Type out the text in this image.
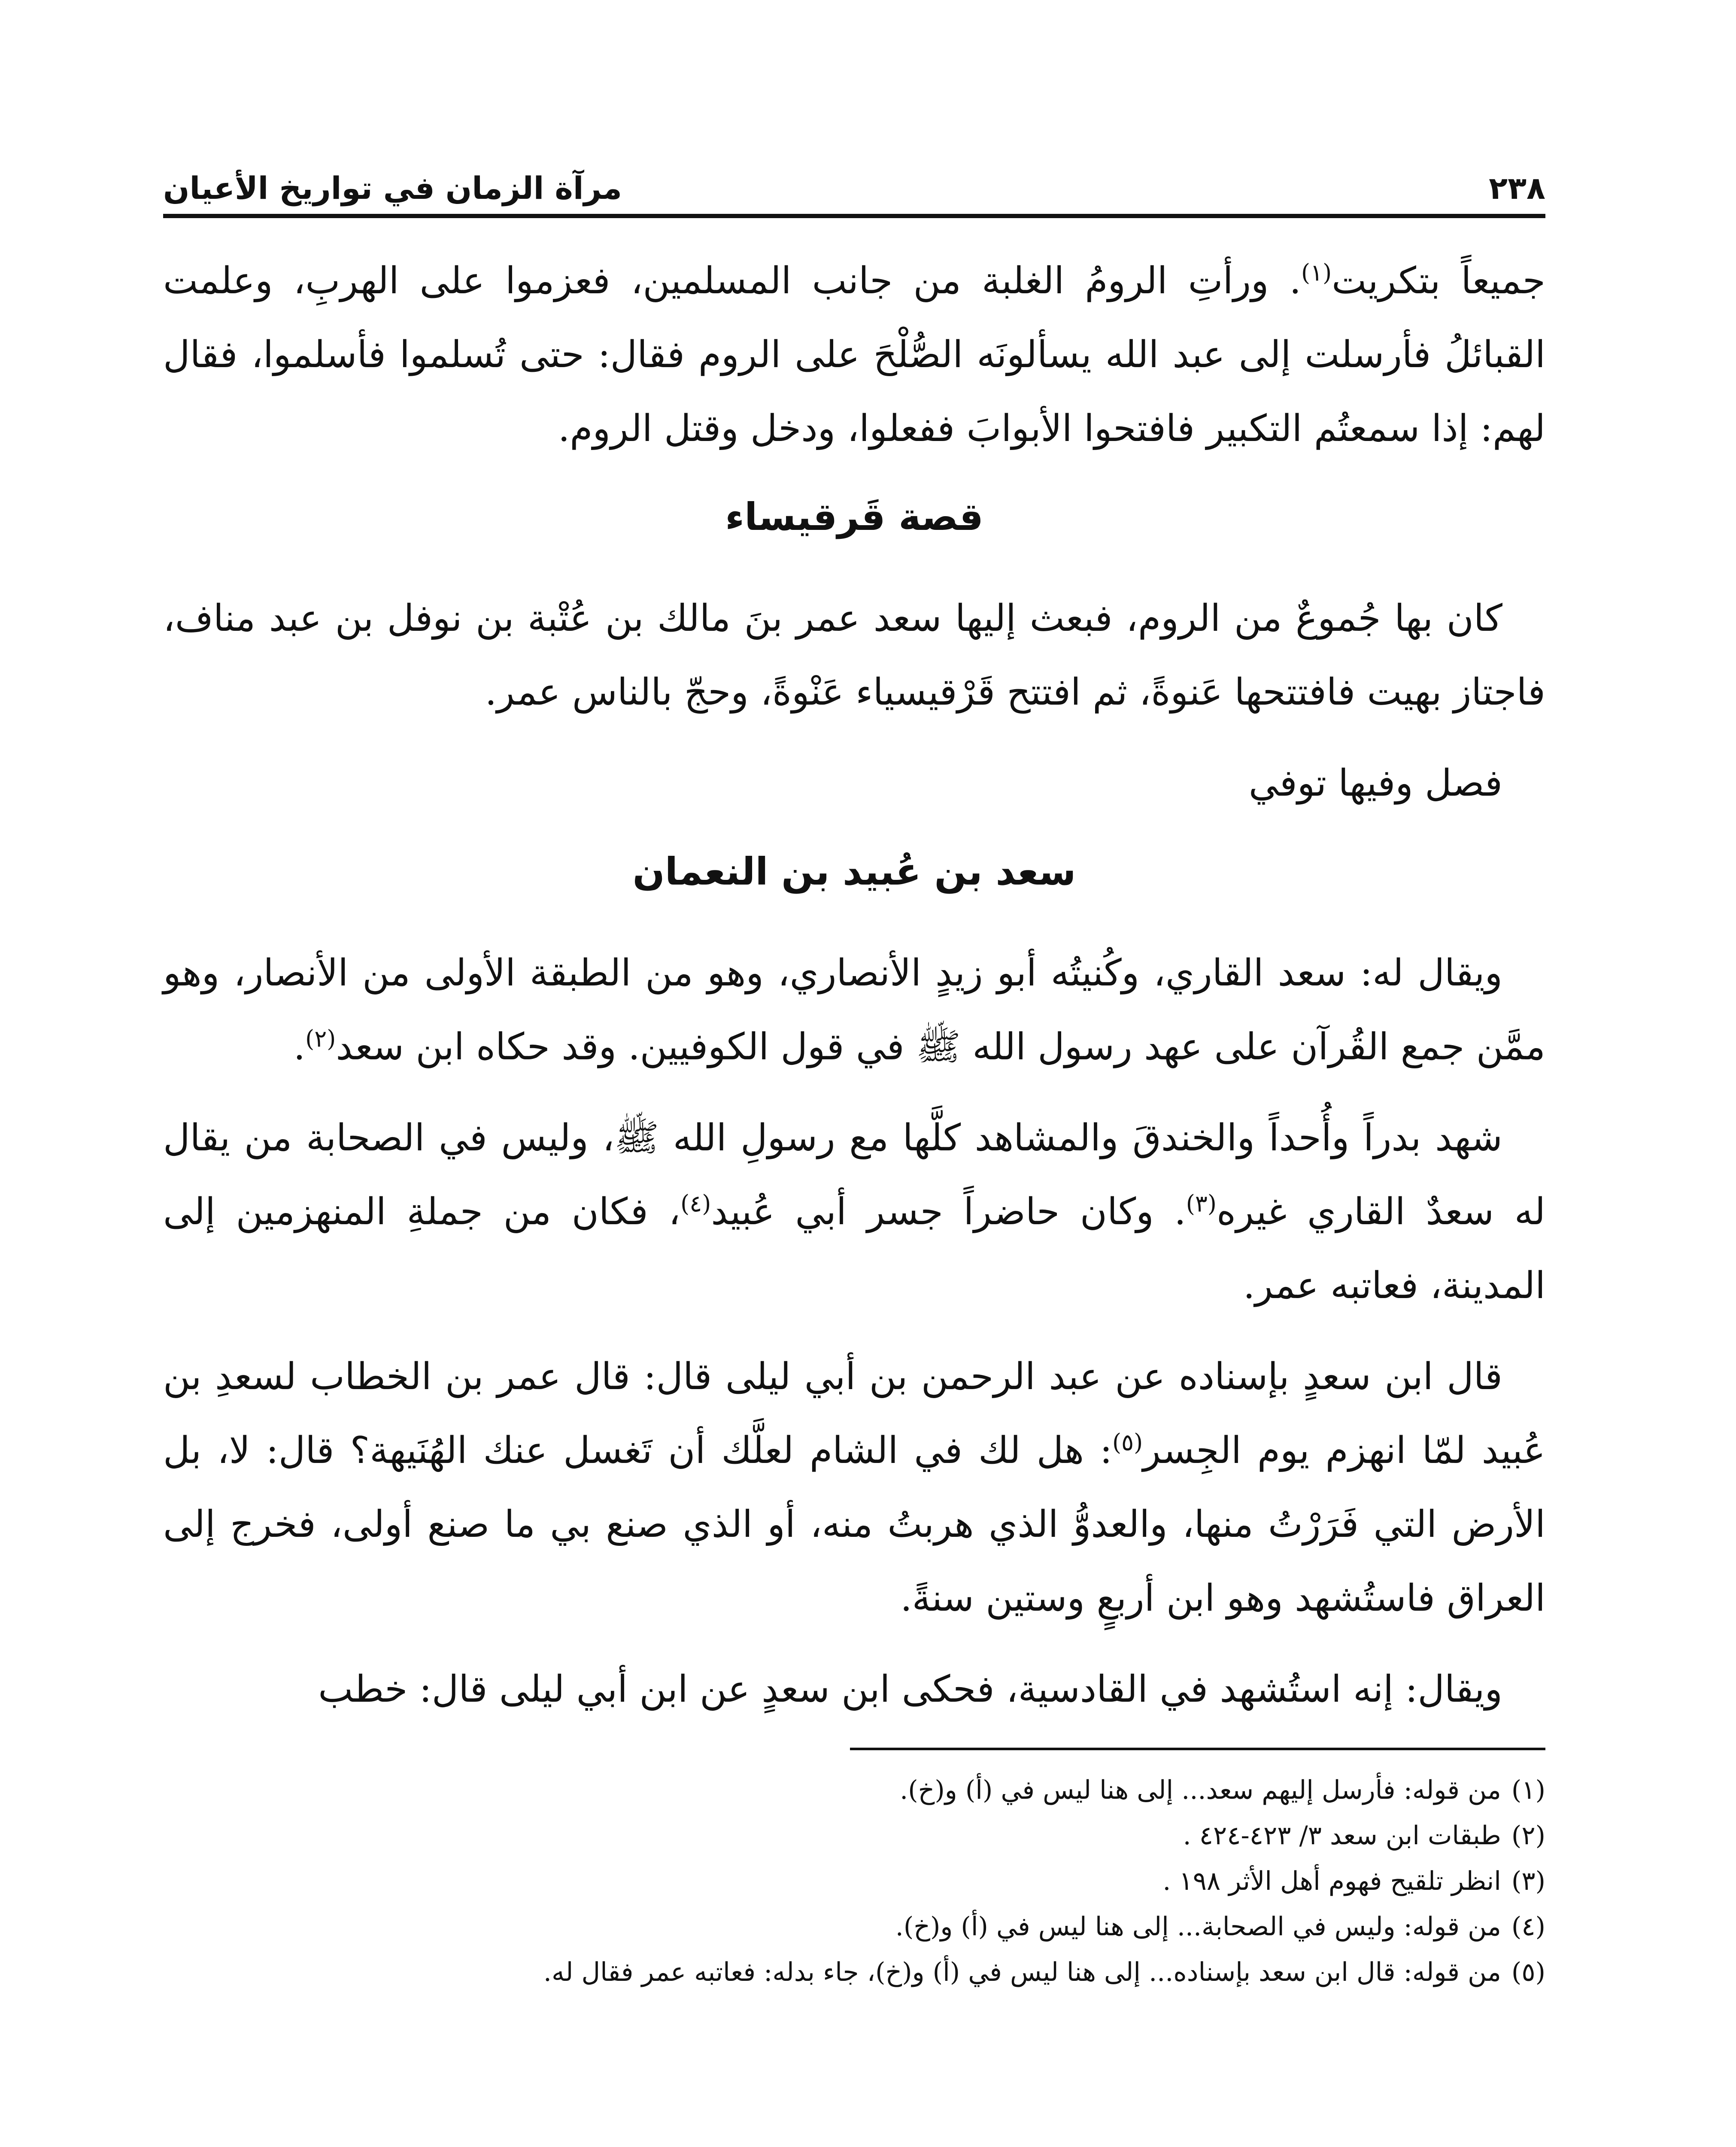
٢٣٨
مرآة الزمان في تواريخ الأعيان

جميعاً بتكريت$^{(١)}$. ورأتِ الرومُ الغلبة من جانب المسلمين، فعزموا على الهربِ، وعلمت القبائلُ فأرسلت إلى عبد الله يسألونَه الصُّلْحَ على الروم فقال: حتى تُسلموا فأسلموا، فقال لهم: إذا سمعتُم التكبير فافتحوا الأبوابَ ففعلوا، ودخل وقتل الروم.

قصة قَرقيساء

كان بها جُموعٌ من الروم، فبعث إليها سعد عمر بنَ مالك بن عُتْبة بن نوفل بن عبد مناف، فاجتاز بهيت فافتتحها عَنوةً، ثم افتتح قَرْقيسياء عَنْوةً، وحجّ بالناس عمر.

فصل وفيها توفي

سعد بن عُبيد بن النعمان

ويقال له: سعد القاري، وكُنيتُه أبو زيدٍ الأنصاري، وهو من الطبقة الأولى من الأنصار، وهو ممَّن جمع القُرآن على عهد رسول الله ﷺ في قول الكوفيين. وقد حكاه ابن سعد$^{(٢)}$.

شهد بدراً وأُحداً والخندقَ والمشاهد كلَّها مع رسولِ الله ﷺ، وليس في الصحابة من يقال له سعدٌ القاري غيره$^{(٣)}$. وكان حاضراً جسر أبي عُبيد$^{(٤)}$، فكان من جملةِ المنهزمين إلى المدينة، فعاتبه عمر.

قال ابن سعدٍ بإسناده عن عبد الرحمن بن أبي ليلى قال: قال عمر بن الخطاب لسعدِ بن عُبيد لمّا انهزم يوم الجِسر$^{(٥)}$: هل لك في الشام لعلَّك أن تَغسل عنك الهُنَيهة؟ قال: لا، بل الأرض التي فَرَرْتُ منها، والعدوُّ الذي هربتُ منه، أو الذي صنع بي ما صنع أولى، فخرج إلى العراق فاستُشهد وهو ابن أربعٍ وستين سنةً.

ويقال: إنه استُشهد في القادسية، فحكى ابن سعدٍ عن ابن أبي ليلى قال: خطب

(١)من قوله: فأرسل إليهم سعد... إلى هنا ليس في (أ) و(خ).

(٢)طبقات ابن سعد ٣/ ٤٢٣-٤٢٤ .

(٣)انظر تلقيح فهوم أهل الأثر ١٩٨ .

(٤)من قوله: وليس في الصحابة... إلى هنا ليس في (أ) و(خ).

(٥)من قوله: قال ابن سعد بإسناده... إلى هنا ليس في (أ) و(خ)، جاء بدله: فعاتبه عمر فقال له.
